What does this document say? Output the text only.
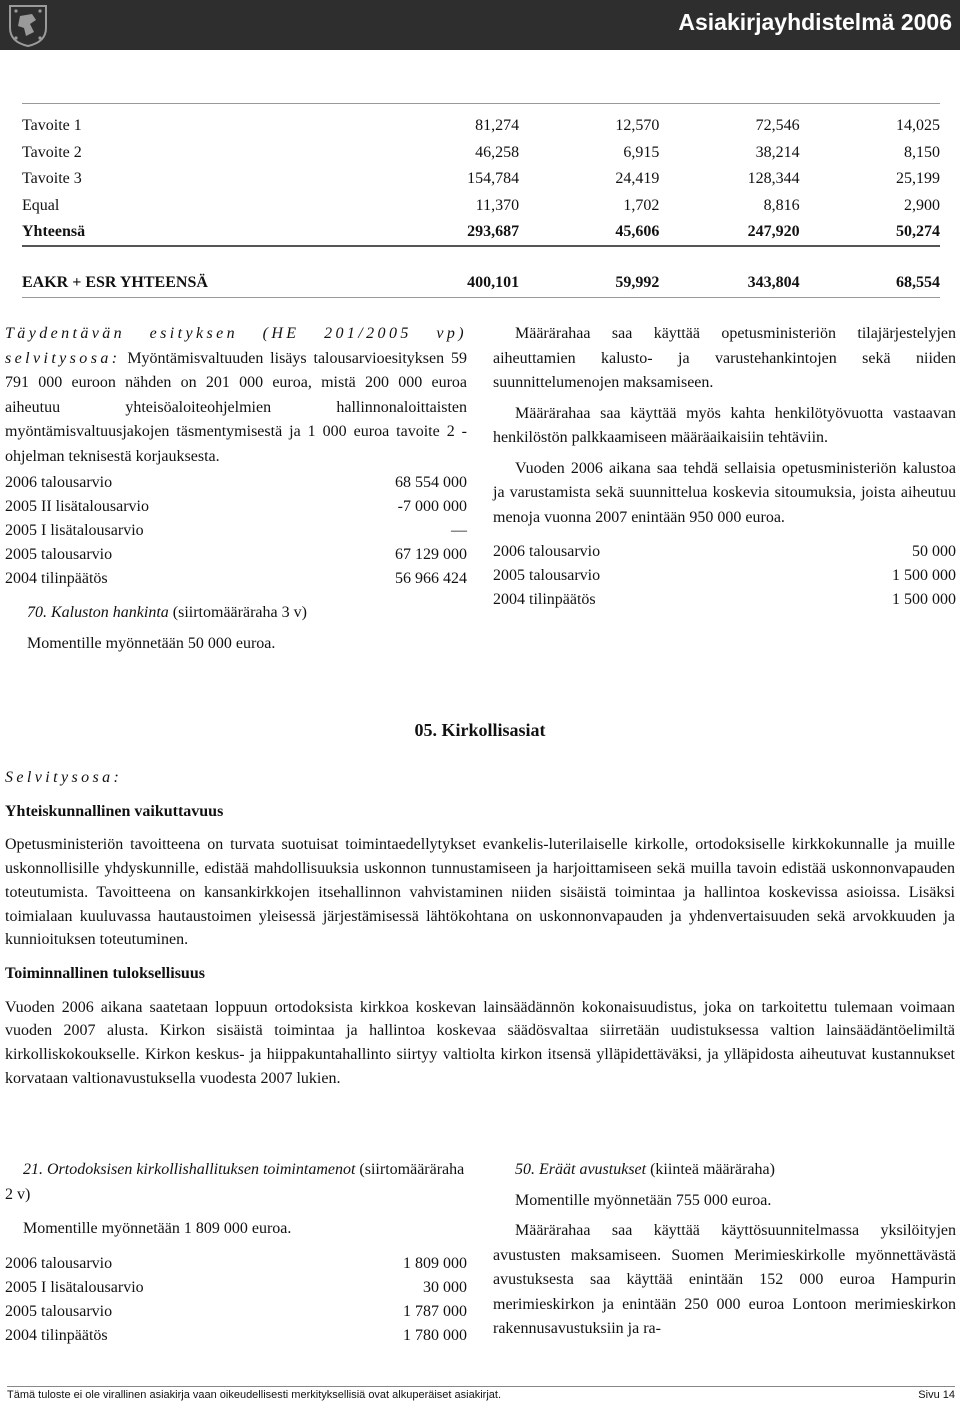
Asiakirjayhdistelmä 2006
Tavoite 1	81,274	12,570	72,546	14,025
Tavoite 2	46,258	6,915	38,214	8,150
Tavoite 3	154,784	24,419	128,344	25,199
Equal	11,370	1,702	8,816	2,900
Yhteensä	293,687	45,606	247,920	50,274
EAKR + ESR YHTEENSÄ	400,101	59,992	343,804	68,554

Täydentävän esityksen (HE 201/2005 vp) selvitysosa: Myöntämisvaltuuden lisäys talousarvioesityksen 59 791 000 euroon nähden on 201 000 euroa, mistä 200 000 euroa aiheutuu yhteisöaloiteohjelmien hallinnonaloittaisten myöntämisvaltuusjakojen täsmentymisestä ja 1 000 euroa tavoite 2 -ohjelman teknisestä korjauksesta.

2006 talousarvio	68 554 000
2005 II lisätalousarvio	-7 000 000
2005 I lisätalousarvio	—
2005 talousarvio	67 129 000
2004 tilinpäätös	56 966 424
70. Kaluston hankinta (siirtomääräraha 3 v)
Momentille myönnetään 50 000 euroa.

Määrärahaa saa käyttää opetusministeriön tilajärjestelyjen aiheuttamien kalusto- ja varustehankintojen sekä niiden suunnittelumenojen maksamiseen.

Määrärahaa saa käyttää myös kahta henkilötyövuotta vastaavan henkilöstön palkkaamiseen määräaikaisiin tehtäviin.

Vuoden 2006 aikana saa tehdä sellaisia opetusministeriön kalustoa ja varustamista sekä suunnittelua koskevia sitoumuksia, joista aiheutuu menoja vuonna 2007 enintään 950 000 euroa.

2006 talousarvio	50 000
2005 talousarvio	1 500 000
2004 tilinpäätös	1 500 000
05. Kirkollisasiat
Selvitysosa:
Yhteiskunnallinen vaikuttavuus

Opetusministeriön tavoitteena on turvata suotuisat toimintaedellytykset evankelis-luterilaiselle kirkolle, ortodoksiselle kirkkokunnalle ja muille uskonnollisille yhdyskunnille, edistää mahdollisuuksia uskonnon tunnustamiseen ja harjoittamiseen sekä muilla tavoin edistää uskonnonvapauden toteutumista. Tavoitteena on kansankirkkojen itsehallinnon vahvistaminen niiden sisäistä toimintaa ja hallintoa koskevissa asioissa. Lisäksi toimialaan kuuluvassa hautaustoimen yleisessä järjestämisessä lähtökohtana on uskonnonvapauden ja yhdenvertaisuuden sekä arvokkuuden ja kunnioituksen toteutuminen.

Toiminnallinen tuloksellisuus

Vuoden 2006 aikana saatetaan loppuun ortodoksista kirkkoa koskevan lainsäädännön kokonaisuudistus, joka on tarkoitettu tulemaan voimaan vuoden 2007 alusta. Kirkon sisäistä toimintaa ja hallintoa koskevaa säädösvaltaa siirretään uudistuksessa valtion lainsäädäntöelimiltä kirkolliskokoukselle. Kirkon keskus- ja hiippakuntahallinto siirtyy valtiolta kirkon itsensä ylläpidettäväksi, ja ylläpidosta aiheutuvat kustannukset korvataan valtionavustuksella vuodesta 2007 lukien.

21. Ortodoksisen kirkollishallituksen toimintamenot (siirtomääräraha 2 v)
Momentille myönnetään 1 809 000 euroa.
2006 talousarvio	1 809 000
2005 I lisätalousarvio	30 000
2005 talousarvio	1 787 000
2004 tilinpäätös	1 780 000
50. Eräät avustukset (kiinteä määräraha)
Momentille myönnetään 755 000 euroa.

Määrärahaa saa käyttää käyttösuunnitelmassa yksilöityjen avustusten maksamiseen. Suomen Merimieskirkolle myönnettävästä avustuksesta saa käyttää enintään 152 000 euroa Hampurin merimieskirkon ja enintään 250 000 euroa Lontoon merimieskirkon rakennusavustuksiin ja ra-

Tämä tuloste ei ole virallinen asiakirja vaan oikeudellisesti merkityksellisiä ovat alkuperäiset asiakirjat.	Sivu 14
